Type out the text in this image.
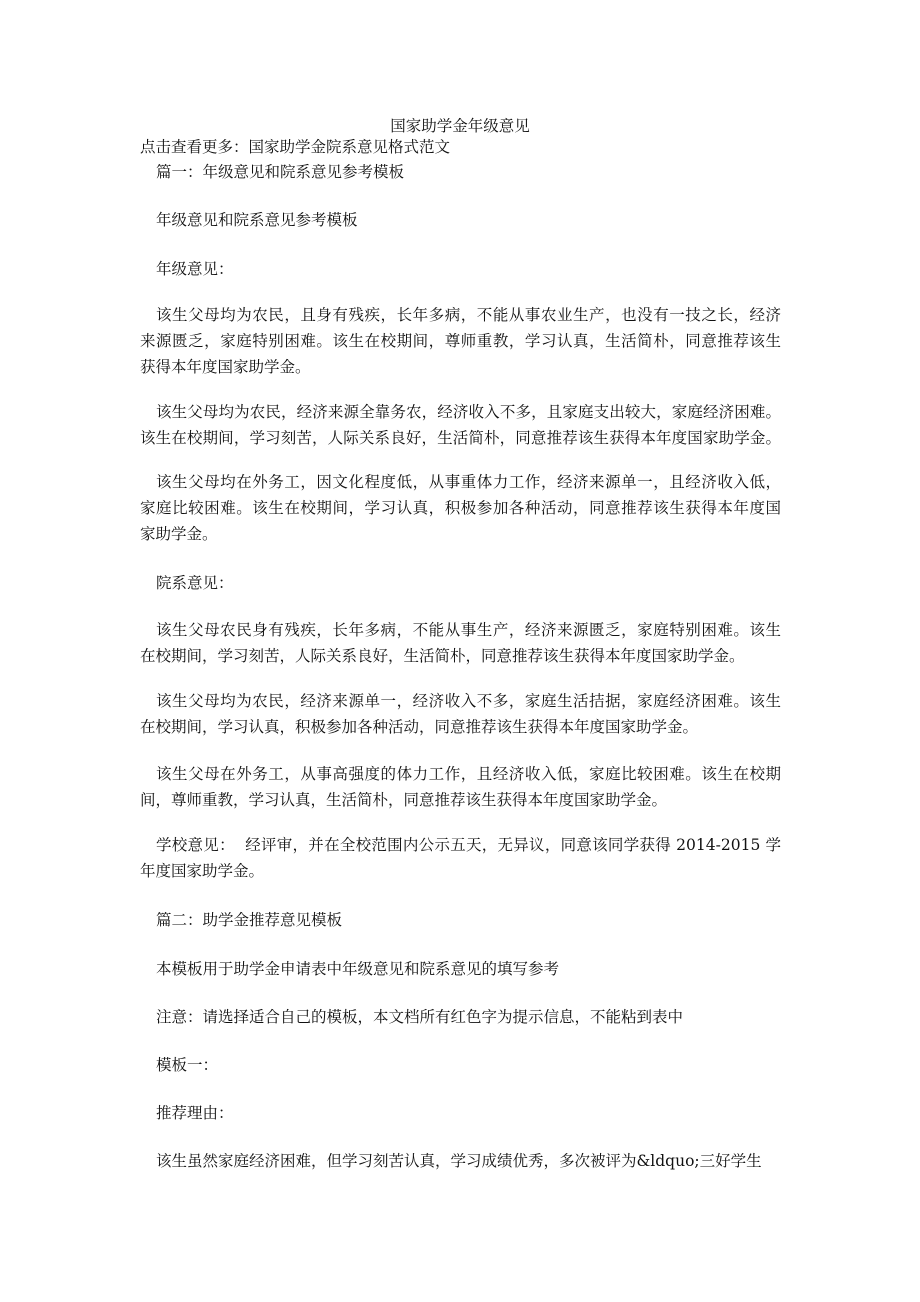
国家助学金年级意见

点击查看更多：国家助学金院系意见格式范文

篇一：年级意见和院系意见参考模板

年级意见和院系意见参考模板

年级意见：

该生父母均为农民，且身有残疾，长年多病，不能从事农业生产，也没有一技之长，经济
来源匮乏，家庭特别困难。该生在校期间，尊师重教，学习认真，生活简朴，同意推荐该生
获得本年度国家助学金。
该生父母均为农民，经济来源全靠务农，经济收入不多，且家庭支出较大，家庭经济困难。
该生在校期间，学习刻苦，人际关系良好，生活简朴，同意推荐该生获得本年度国家助学金。
该生父母均在外务工，因文化程度低，从事重体力工作，经济来源单一，且经济收入低，
家庭比较困难。该生在校期间，学习认真，积极参加各种活动，同意推荐该生获得本年度国
家助学金。

院系意见：

该生父母农民身有残疾，长年多病，不能从事生产，经济来源匮乏，家庭特别困难。该生
在校期间，学习刻苦，人际关系良好，生活简朴，同意推荐该生获得本年度国家助学金。
该生父母均为农民，经济来源单一，经济收入不多，家庭生活拮据，家庭经济困难。该生
在校期间，学习认真，积极参加各种活动，同意推荐该生获得本年度国家助学金。
该生父母在外务工，从事高强度的体力工作，且经济收入低，家庭比较困难。该生在校期
间，尊师重教，学习认真，生活简朴，同意推荐该生获得本年度国家助学金。
学校意见：  经评审，并在全校范围内公示五天，无异议，同意该同学获得 2014-2015 学
年度国家助学金。

篇二：助学金推荐意见模板

本模板用于助学金申请表中年级意见和院系意见的填写参考

注意：请选择适合自己的模板，本文档所有红色字为提示信息，不能粘到表中

模板一：

推荐理由：

该生虽然家庭经济困难，但学习刻苦认真，学习成绩优秀，多次被评为&ldquo;三好学生
